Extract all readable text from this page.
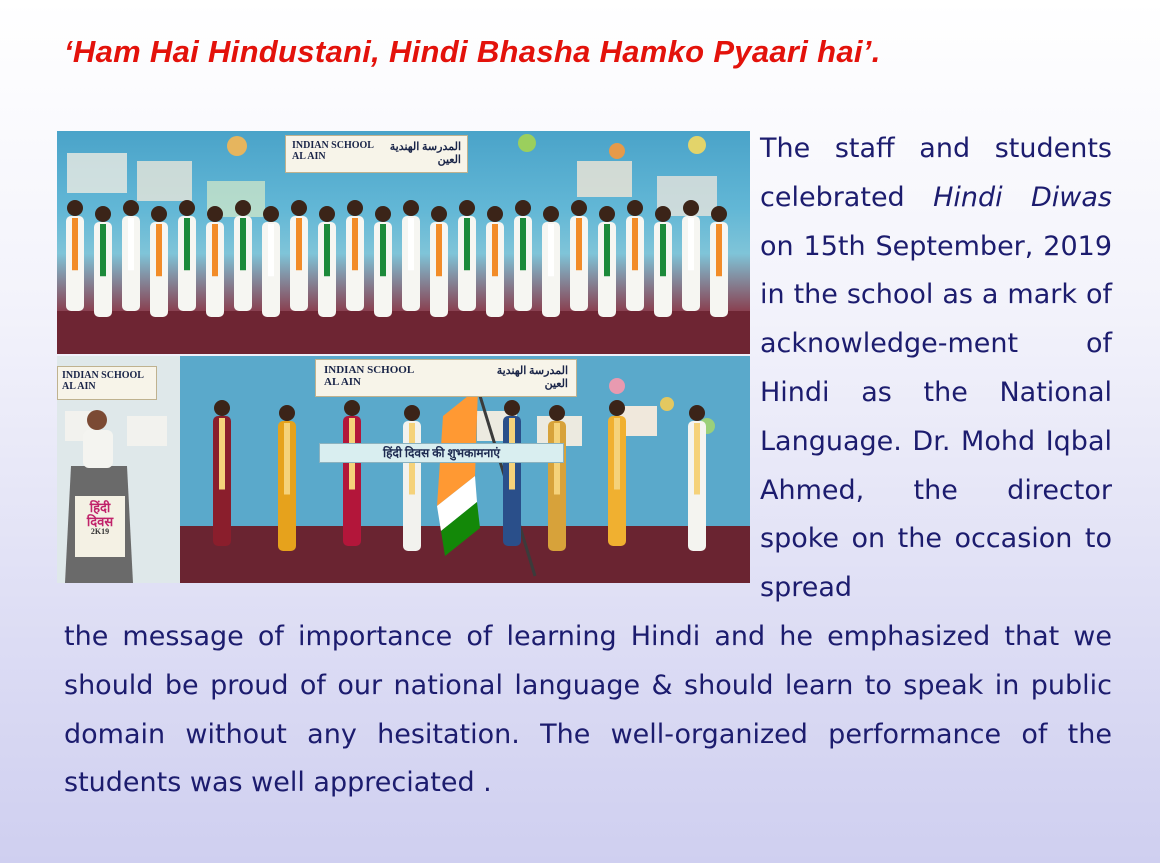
‘Ham Hai Hindustani, Hindi Bhasha Hamko Pyaari hai’.
INDIAN SCHOOL
AL AIN
المدرسة الهندية
العين
INDIAN SCHOOL
AL AIN
INDIAN SCHOOL
AL AIN
المدرسة الهندية
العين
हिंदी
दिवस
2K19
हिंदी दिवस की शुभकामनाएं

The staff and students celebrated Hindi Diwas on 15th September, 2019 in the school as a mark of acknowledge-ment of Hindi as the National Language. Dr. Mohd Iqbal Ahmed, the director spoke on the occasion to spread

the message of importance of learning Hindi and he emphasized that we should be proud of our national language & should learn to speak in public domain without any hesitation. The well-organized performance of the students was well appreciated .
